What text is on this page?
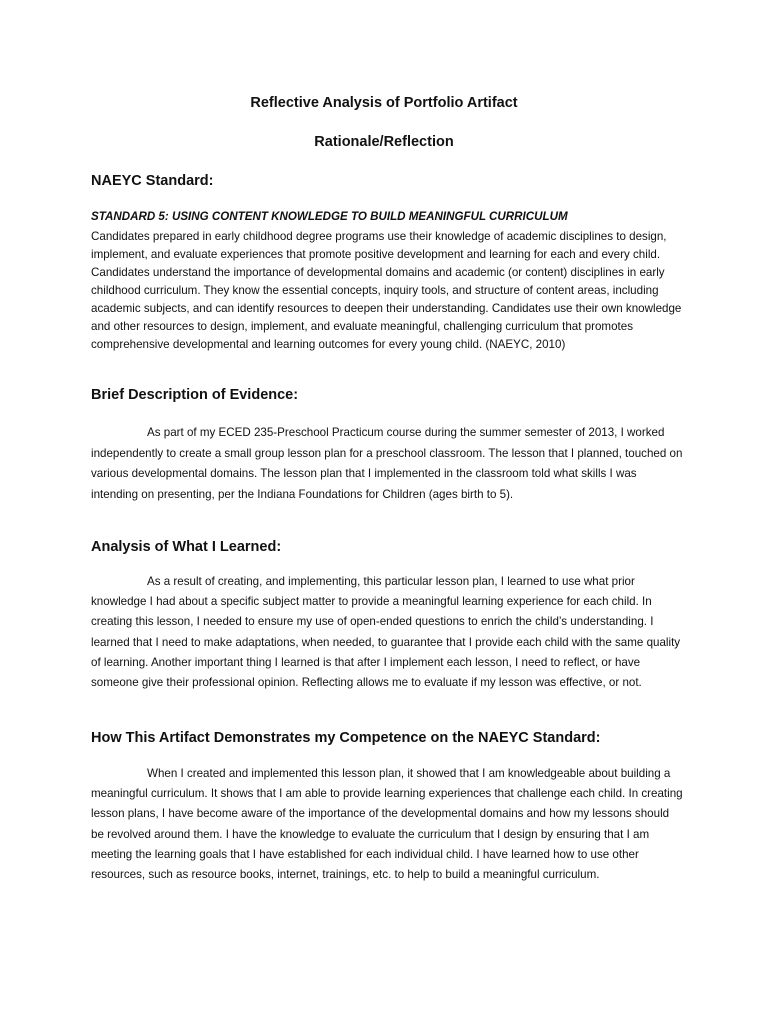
Reflective Analysis of Portfolio Artifact
Rationale/Reflection
NAEYC Standard:

STANDARD 5: USING CONTENT KNOWLEDGE TO BUILD MEANINGFUL CURRICULUM

Candidates prepared in early childhood degree programs use their knowledge of academic disciplines to design, implement, and evaluate experiences that promote positive development and learning for each and every child. Candidates understand the importance of developmental domains and academic (or content) disciplines in early childhood curriculum. They know the essential concepts, inquiry tools, and structure of content areas, including academic subjects, and can identify resources to deepen their understanding. Candidates use their own knowledge and other resources to design, implement, and evaluate meaningful, challenging curriculum that promotes comprehensive developmental and learning outcomes for every young child. (NAEYC, 2010)

Brief Description of Evidence:

As part of my ECED 235-Preschool Practicum course during the summer semester of 2013, I worked independently to create a small group lesson plan for a preschool classroom. The lesson that I planned, touched on various developmental domains. The lesson plan that I implemented in the classroom told what skills I was intending on presenting, per the Indiana Foundations for Children (ages birth to 5).

Analysis of What I Learned:

As a result of creating, and implementing, this particular lesson plan, I learned to use what prior knowledge I had about a specific subject matter to provide a meaningful learning experience for each child. In creating this lesson, I needed to ensure my use of open-ended questions to enrich the child’s understanding. I learned that I need to make adaptations, when needed, to guarantee that I provide each child with the same quality of learning. Another important thing I learned is that after I implement each lesson, I need to reflect, or have someone give their professional opinion. Reflecting allows me to evaluate if my lesson was effective, or not.

How This Artifact Demonstrates my Competence on the NAEYC Standard:

When I created and implemented this lesson plan, it showed that I am knowledgeable about building a meaningful curriculum. It shows that I am able to provide learning experiences that challenge each child. In creating lesson plans, I have become aware of the importance of the developmental domains and how my lessons should be revolved around them. I have the knowledge to evaluate the curriculum that I design by ensuring that I am meeting the learning goals that I have established for each individual child. I have learned how to use other resources, such as resource books, internet, trainings, etc. to help to build a meaningful curriculum.
